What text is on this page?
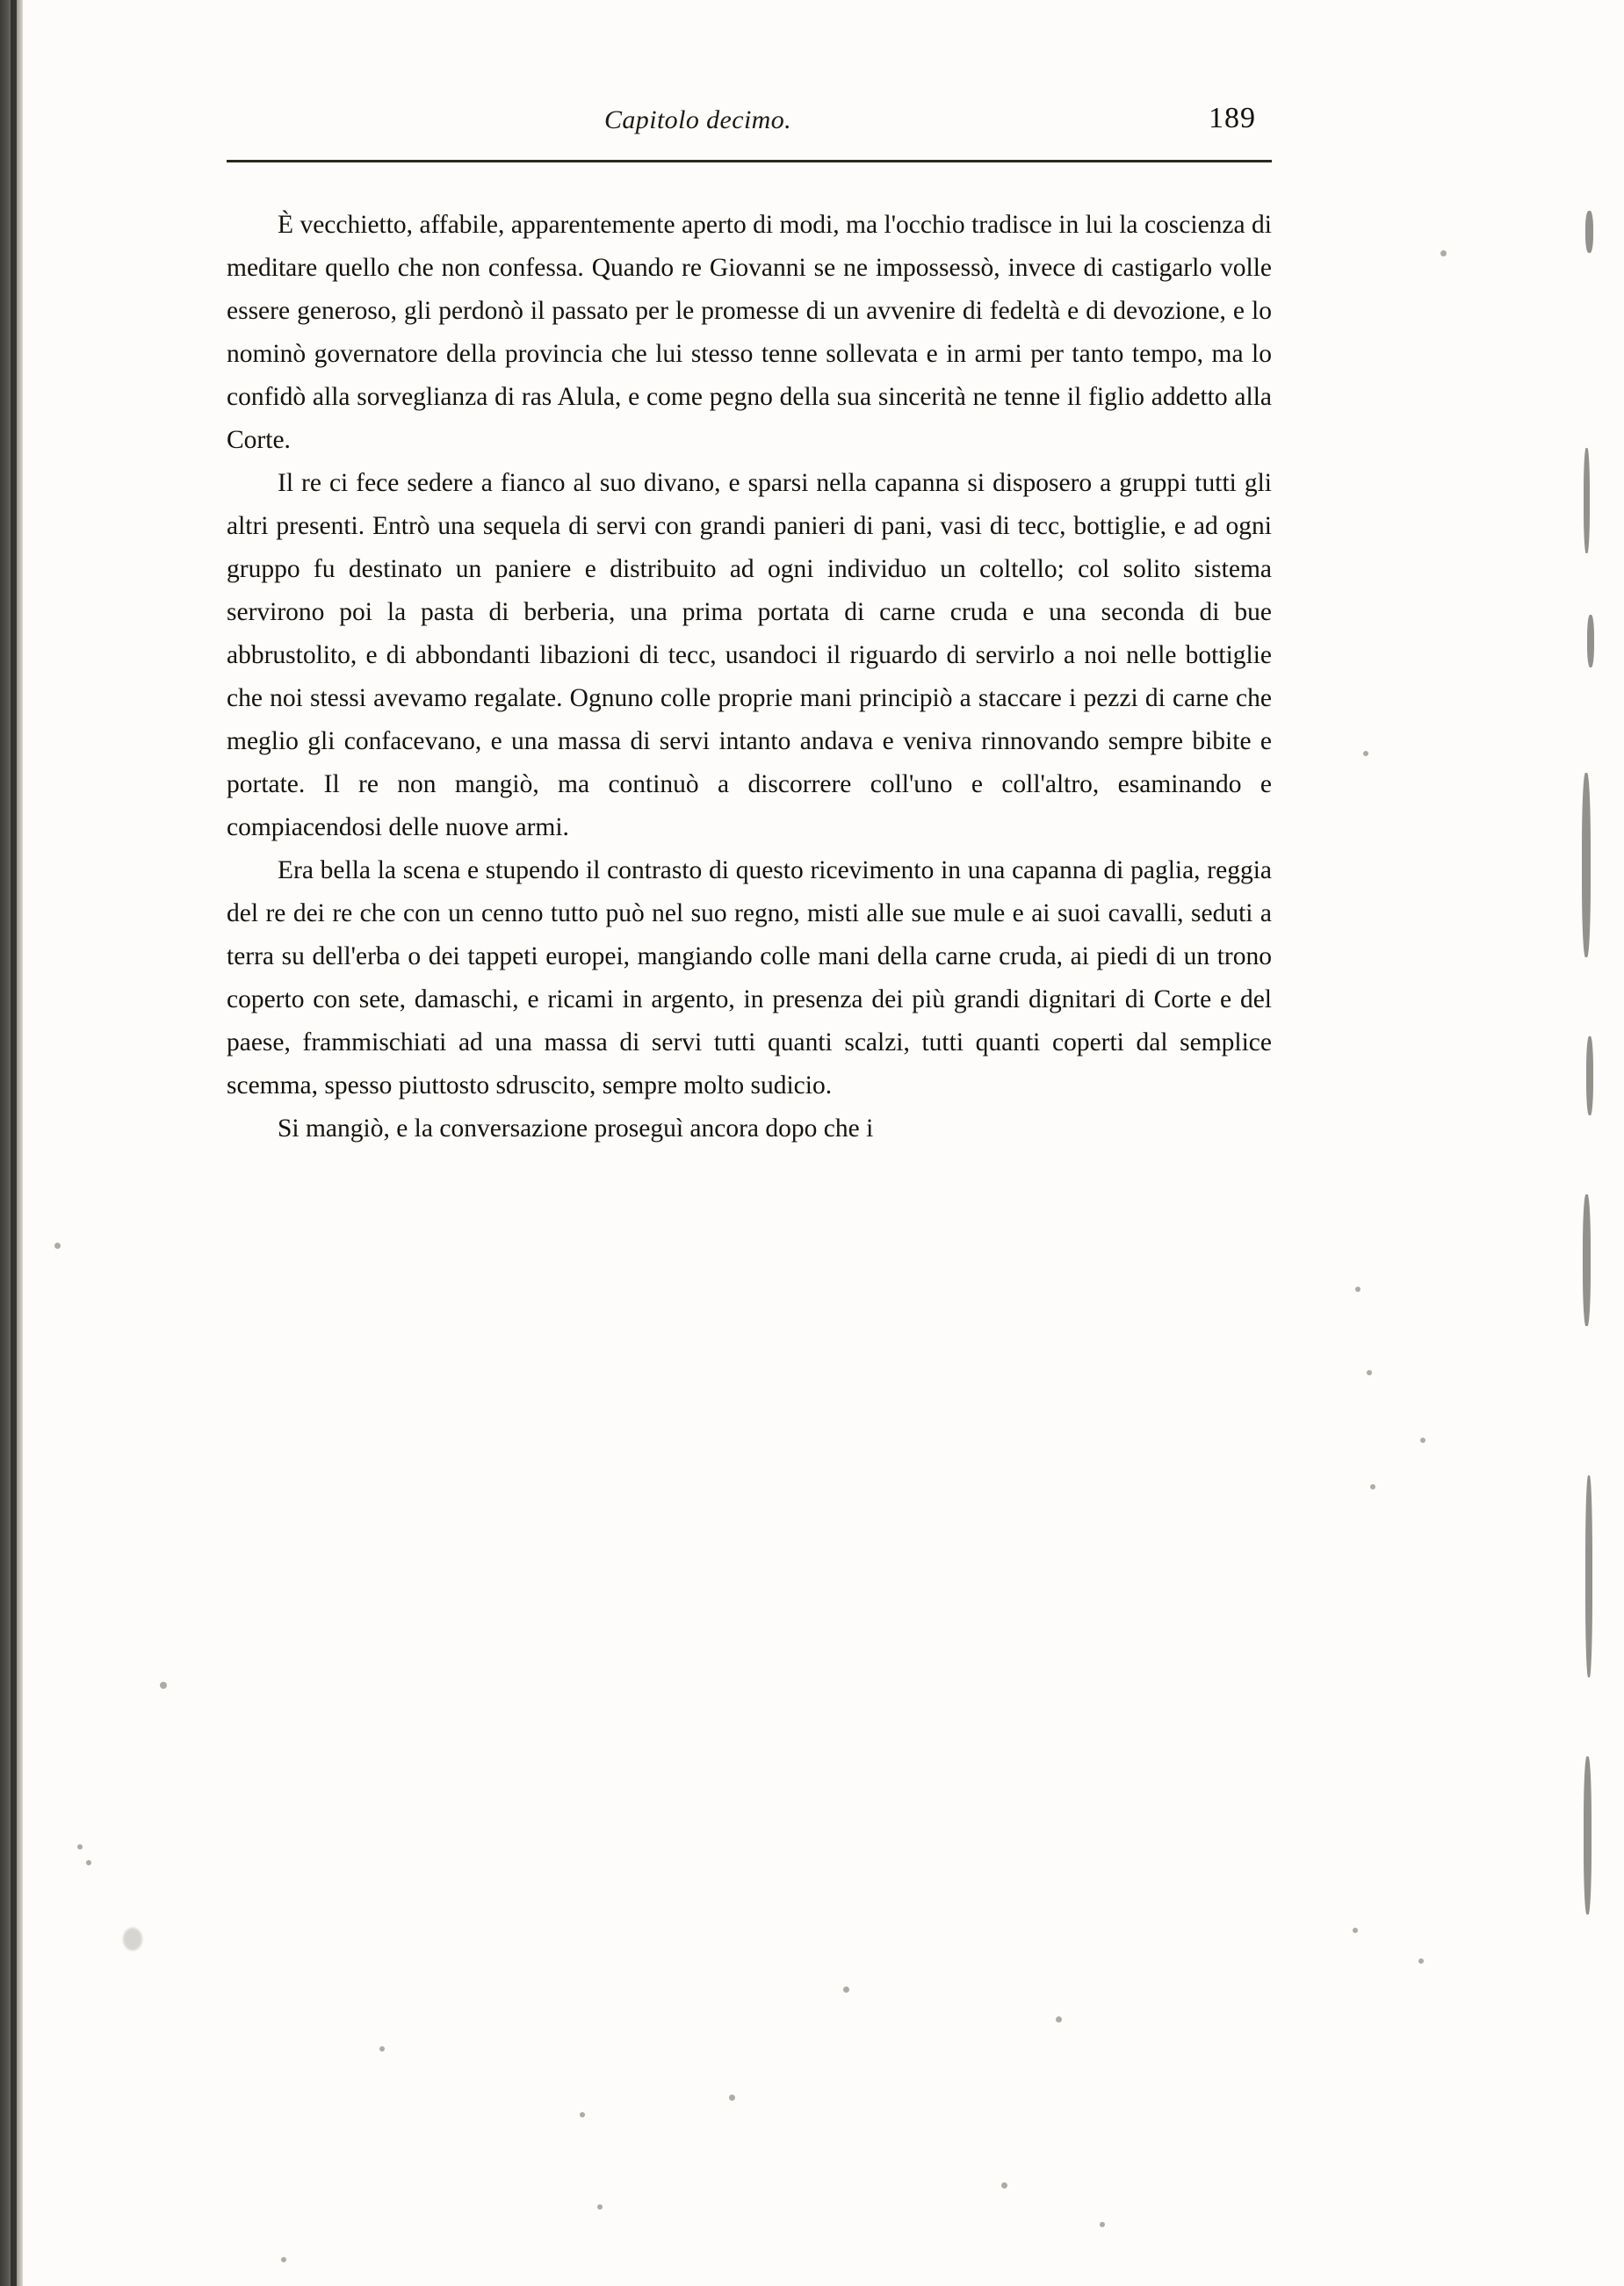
Capitolo decimo.	189

È vecchietto, affabile, apparentemente aperto di modi, ma l'occhio tradisce in lui la coscienza di meditare quello che non confessa. Quando re Giovanni se ne impossessò, invece di castigarlo volle essere generoso, gli perdonò il passato per le promesse di un avvenire di fedeltà e di devozione, e lo nominò governatore della provincia che lui stesso tenne sollevata e in armi per tanto tempo, ma lo confidò alla sorveglianza di ras Alula, e come pegno della sua sincerità ne tenne il figlio addetto alla Corte.

Il re ci fece sedere a fianco al suo divano, e sparsi nella capanna si disposero a gruppi tutti gli altri presenti. Entrò una sequela di servi con grandi panieri di pani, vasi di tecc, bottiglie, e ad ogni gruppo fu destinato un paniere e distribuito ad ogni individuo un coltello; col solito sistema servirono poi la pasta di berberia, una prima portata di carne cruda e una seconda di bue abbrustolito, e di abbondanti libazioni di tecc, usandoci il riguardo di servirlo a noi nelle bottiglie che noi stessi avevamo regalate. Ognuno colle proprie mani principiò a staccare i pezzi di carne che meglio gli confacevano, e una massa di servi intanto andava e veniva rinnovando sempre bibite e portate. Il re non mangiò, ma continuò a discorrere coll'uno e coll'altro, esaminando e compiacendosi delle nuove armi.

Era bella la scena e stupendo il contrasto di questo ricevimento in una capanna di paglia, reggia del re dei re che con un cenno tutto può nel suo regno, misti alle sue mule e ai suoi cavalli, seduti a terra su dell'erba o dei tappeti europei, mangiando colle mani della carne cruda, ai piedi di un trono coperto con sete, damaschi, e ricami in argento, in presenza dei più grandi dignitari di Corte e del paese, frammischiati ad una massa di servi tutti quanti scalzi, tutti quanti coperti dal semplice scemma, spesso piuttosto sdruscito, sempre molto sudicio.

Si mangiò, e la conversazione proseguì ancora dopo che i
